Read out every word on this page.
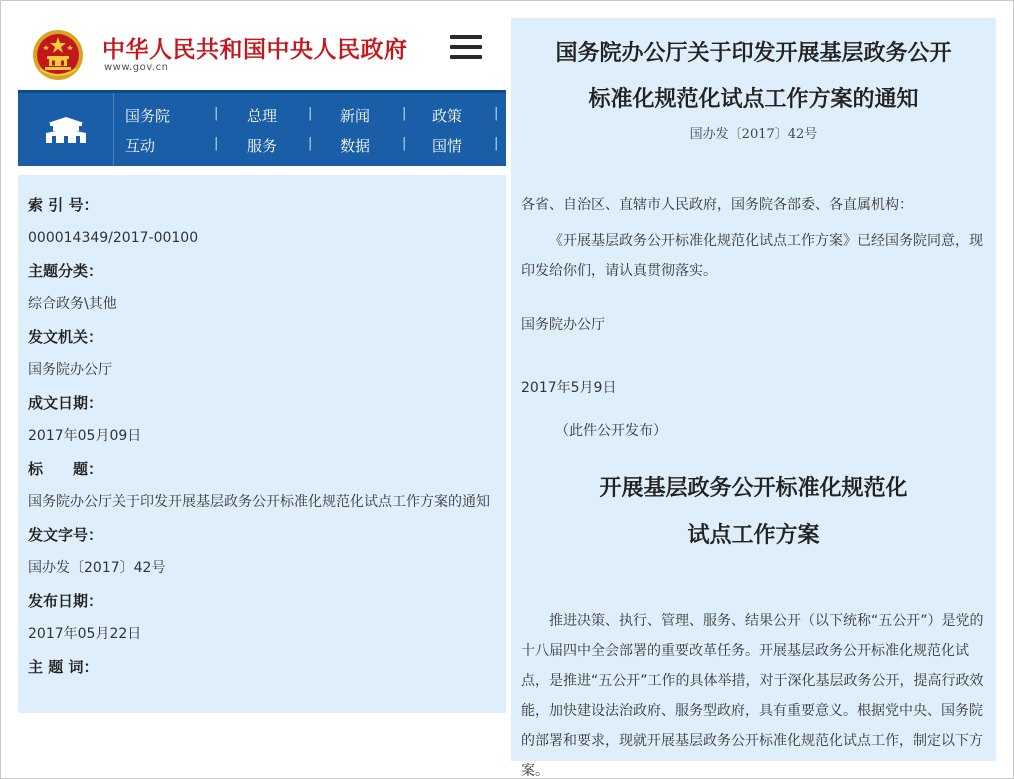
中华人民共和国中央人民政府
www.gov.cn
国务院	| 总理 | 新闻 | 政策 |
互动	| 服务 | 数据 | 国情 |
索 引 号：
000014349/2017-00100
主题分类：
综合政务\其他
发文机关：
国务院办公厅
成文日期：
2017年05月09日
标　　题：
国务院办公厅关于印发开展基层政务公开标准化规范化试点工作方案的通知
发文字号：
国办发〔2017〕42号
发布日期：
2017年05月22日
主 题 词：
国务院办公厅关于印发开展基层政务公开
标准化规范化试点工作方案的通知
国办发〔2017〕42号
各省、自治区、直辖市人民政府，国务院各部委、各直属机构：
《开展基层政务公开标准化规范化试点工作方案》已经国务院同意，现印发给你们，请认真贯彻落实。
国务院办公厅
2017年5月9日
（此件公开发布）
开展基层政务公开标准化规范化
试点工作方案
推进决策、执行、管理、服务、结果公开（以下统称“五公开”）是党的十八届四中全会部署的重要改革任务。开展基层政务公开标准化规范化试点，是推进“五公开”工作的具体举措，对于深化基层政务公开，提高行政效能，加快建设法治政府、服务型政府，具有重要意义。根据党中央、国务院的部署和要求，现就开展基层政务公开标准化规范化试点工作，制定以下方案。
